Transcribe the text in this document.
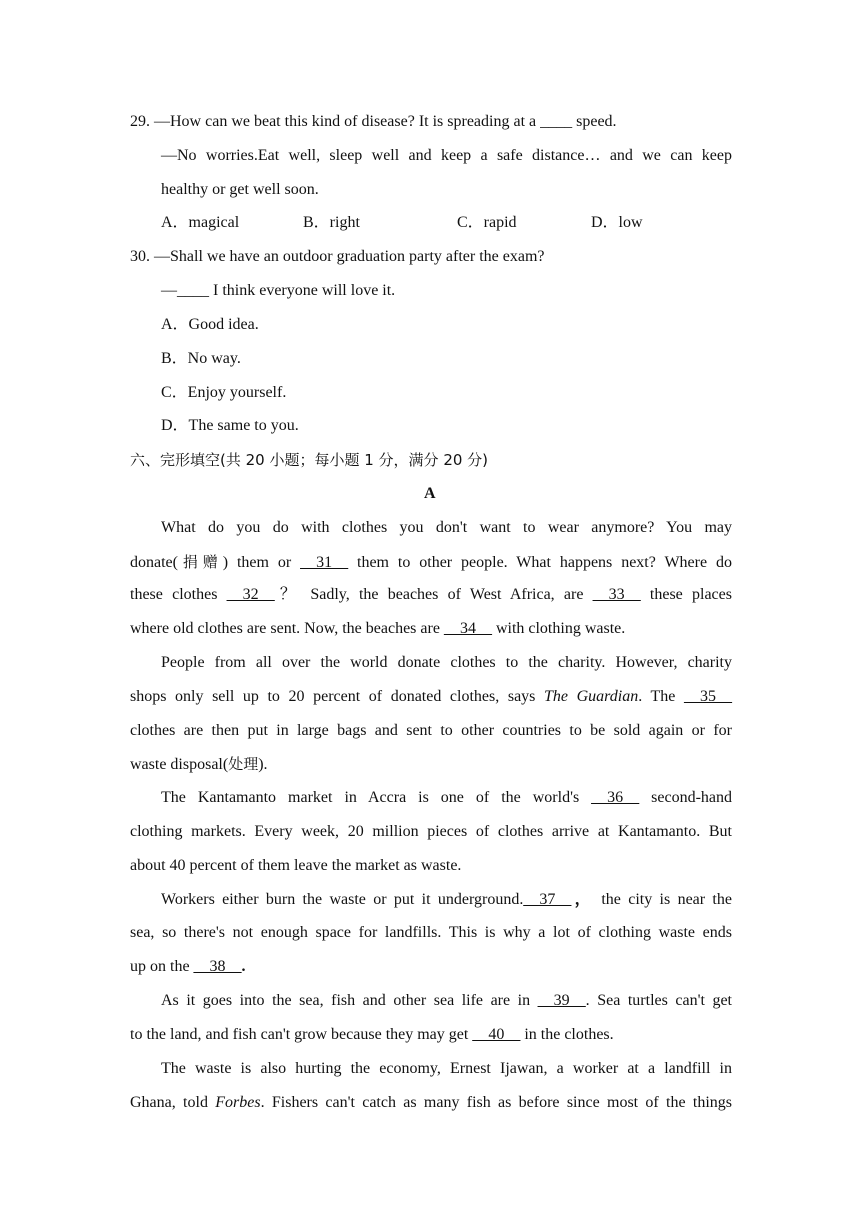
29. —How can we beat this kind of disease? It is spreading at a ____ speed.
—No worries.Eat well, sleep well and keep a safe distance… and we can keep
healthy or get well soon.
A．magical	B．right	C．rapid	D．low
30. —Shall we have an outdoor graduation party after the exam?
—____ I think everyone will love it.
A．Good idea.
B．No way.
C．Enjoy yourself.
D．The same to you.
六、完形填空(共 20 小题；每小题 1 分，满分 20 分)
A
What do you do with clothes you don't want to wear anymore? You may
donate(捐赠) them or __31__ them to other people. What happens next? Where do
these clothes __32__？ Sadly, the beaches of West Africa, are __33__ these places
where old clothes are sent. Now, the beaches are __34__ with clothing waste.
People from all over the world donate clothes to the charity. However, charity
shops only sell up to 20 percent of donated clothes, says The Guardian. The __35__
clothes are then put in large bags and sent to other countries to be sold again or for
waste disposal(处理).
The Kantamanto market in Accra is one of the world's __36__ second-hand
clothing markets. Every week, 20 million pieces of clothes arrive at Kantamanto. But
about 40 percent of them leave the market as waste.
Workers either burn the waste or put it underground.__37__， the city is near the
sea, so there's not enough space for landfills. This is why a lot of clothing waste ends
up on the __38__.
As it goes into the sea, fish and other sea life are in __39__. Sea turtles can't get
to the land, and fish can't grow because they may get __40__ in the clothes.
The waste is also hurting the economy, Ernest Ijawan, a worker at a landfill in
Ghana, told Forbes. Fishers can't catch as many fish as before since most of the things
